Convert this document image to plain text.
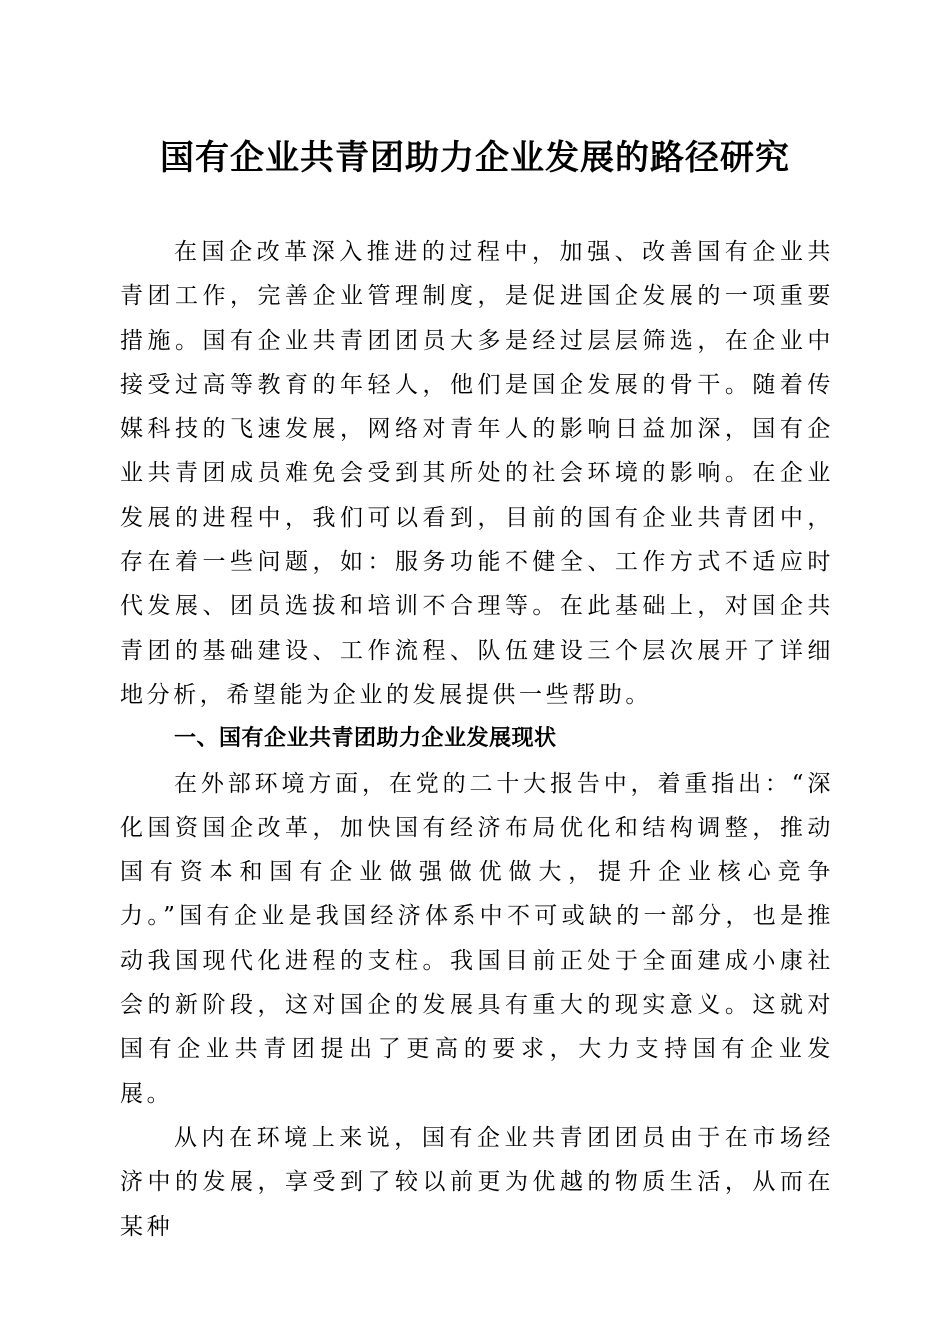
国有企业共青团助力企业发展的路径研究

在国企改革深入推进的过程中，加强、改善国有企业共青团工作，完善企业管理制度，是促进国企发展的一项重要措施。国有企业共青团团员大多是经过层层筛选，在企业中接受过高等教育的年轻人，他们是国企发展的骨干。随着传媒科技的飞速发展，网络对青年人的影响日益加深，国有企业共青团成员难免会受到其所处的社会环境的影响。在企业发展的进程中，我们可以看到，目前的国有企业共青团中，存在着一些问题，如：服务功能不健全、工作方式不适应时代发展、团员选拔和培训不合理等。在此基础上，对国企共青团的基础建设、工作流程、队伍建设三个层次展开了详细地分析，希望能为企业的发展提供一些帮助。

一、国有企业共青团助力企业发展现状

在外部环境方面，在党的二十大报告中，着重指出：“深化国资国企改革，加快国有经济布局优化和结构调整，推动国有资本和国有企业做强做优做大，提升企业核心竞争力。”国有企业是我国经济体系中不可或缺的一部分，也是推动我国现代化进程的支柱。我国目前正处于全面建成小康社会的新阶段，这对国企的发展具有重大的现实意义。这就对国有企业共青团提出了更高的要求，大力支持国有企业发展。

从内在环境上来说，国有企业共青团团员由于在市场经济中的发展，享受到了较以前更为优越的物质生活，从而在某种
